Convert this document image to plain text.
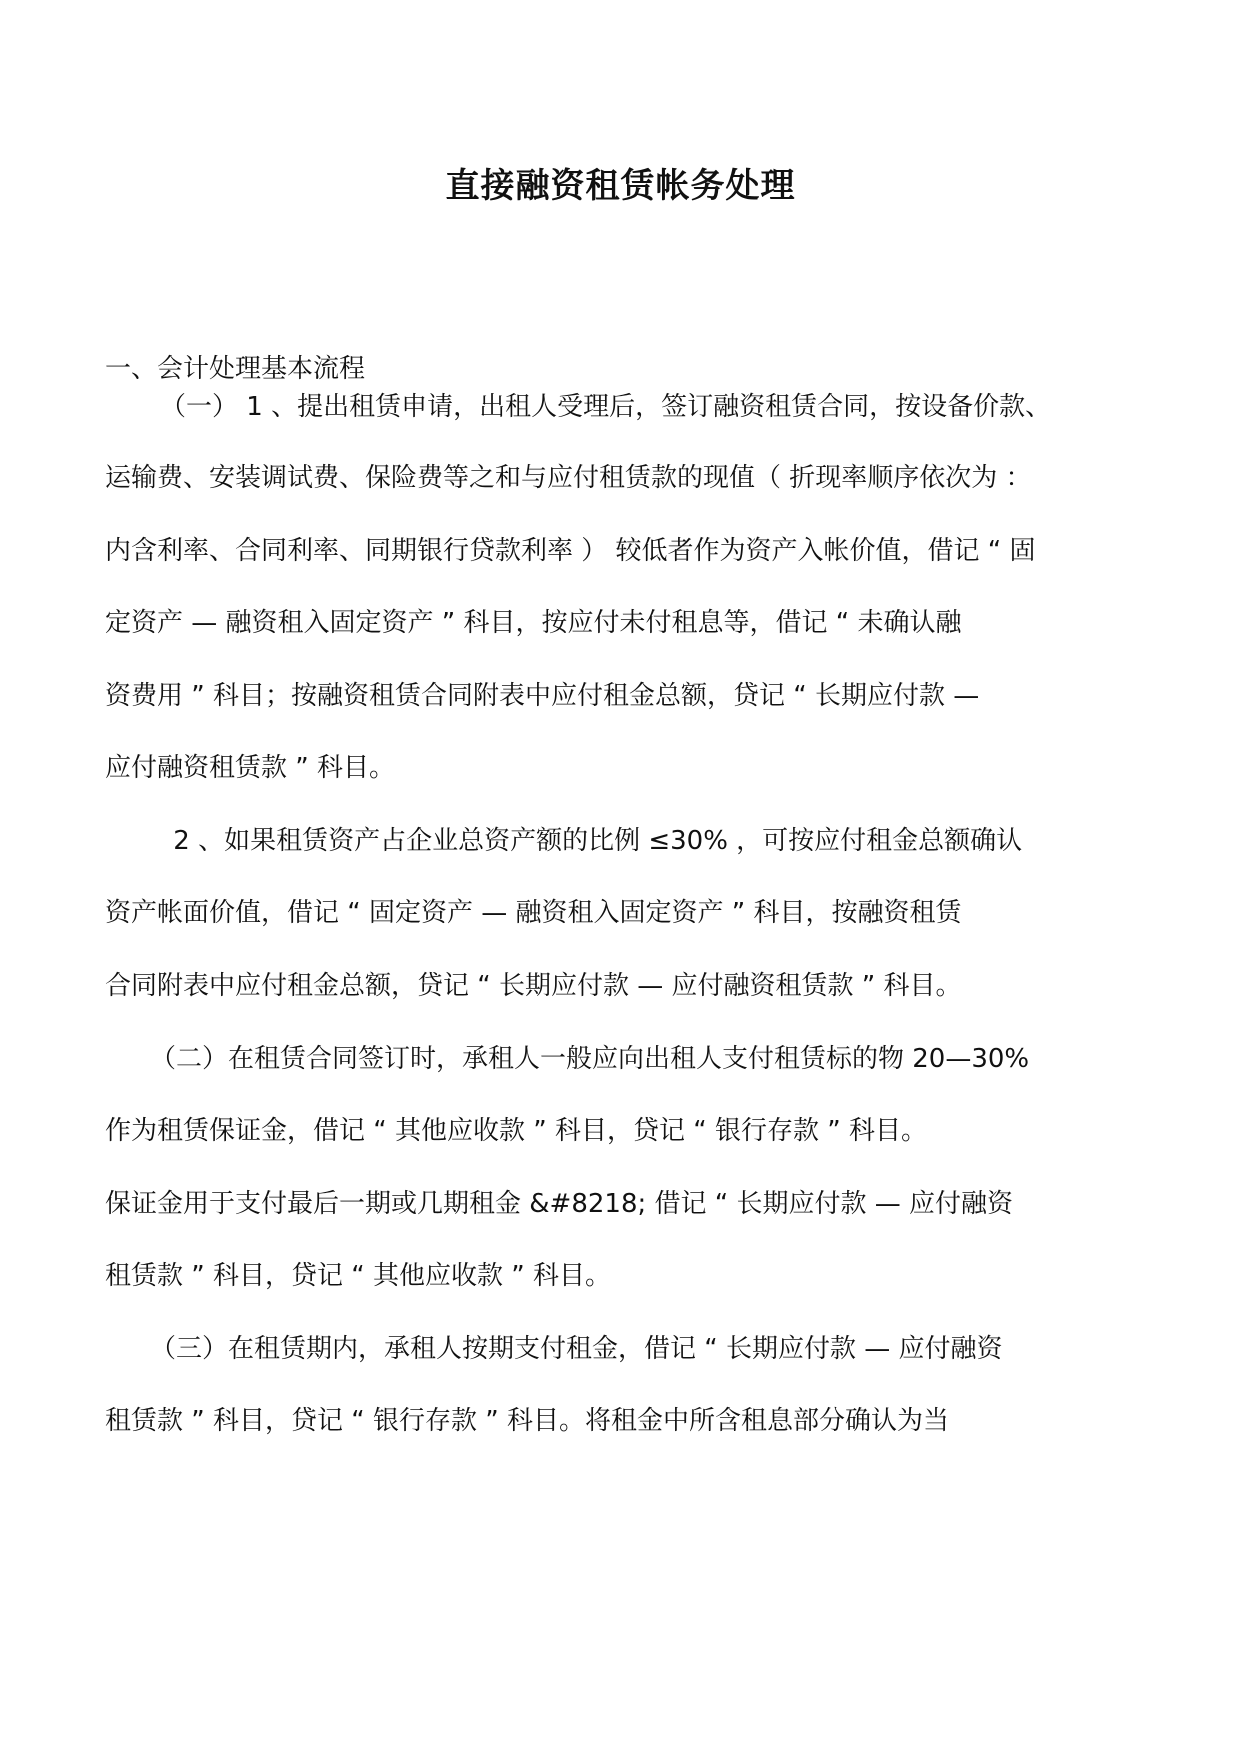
直接融资租赁帐务处理

一、会计处理基本流程

（一） 1 、提出租赁申请，出租人受理后，签订融资租赁合同，按设备价款、

运输费、安装调试费、保险费等之和与应付租赁款的现值（ 折现率顺序依次为 ：

内含利率、合同利率、同期银行贷款利率 ） 较低者作为资产入帐价值，借记 “ 固

定资产 — 融资租入固定资产 ” 科目，按应付未付租息等，借记 “ 未确认融

资费用 ” 科目；按融资租赁合同附表中应付租金总额，贷记 “ 长期应付款 —

应付融资租赁款 ” 科目。

2 、如果租赁资产占企业总资产额的比例 ≤30% ，可按应付租金总额确认

资产帐面价值，借记 “ 固定资产 — 融资租入固定资产 ” 科目，按融资租赁

合同附表中应付租金总额，贷记 “ 长期应付款 — 应付融资租赁款 ” 科目。

（二）在租赁合同签订时，承租人一般应向出租人支付租赁标的物 20—30%

作为租赁保证金，借记 “ 其他应收款 ” 科目，贷记 “ 银行存款 ” 科目。

保证金用于支付最后一期或几期租金 &#8218; 借记 “ 长期应付款 — 应付融资

租赁款 ” 科目，贷记 “ 其他应收款 ” 科目。

（三）在租赁期内，承租人按期支付租金，借记 “ 长期应付款 — 应付融资

租赁款 ” 科目，贷记 “ 银行存款 ” 科目。将租金中所含租息部分确认为当
